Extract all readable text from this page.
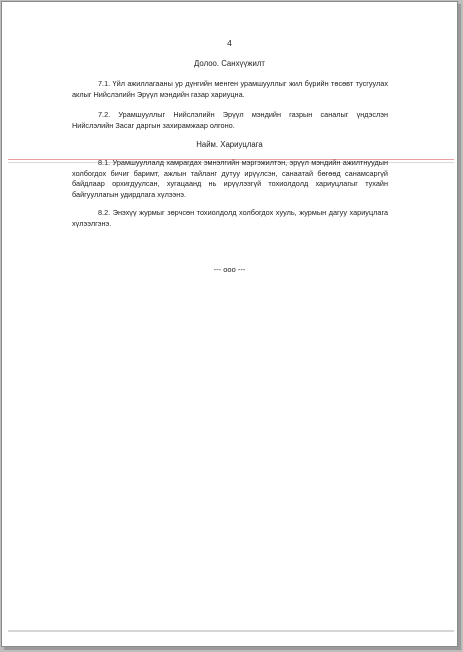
4
Долоо. Санхүүжилт
7.1. Үйл ажиллагааны ур дүнгийн менген урамшууллыг жил бүрийн төсөвт тусгуулах аклыг Нийслэлийн Эрүүл мэндийн газар хариуцна.
7.2. Урамшууллыг Нийслэлийн Эрүүл мэндийн газрын саналыг үндэслэн Нийслэлийн Засаг даргын захирамжаар олгоно.
Найм. Хариуцлага
8.1. Урамшууллалд хамрагдах эмнэлгийн мэргэжилтэн, эрүүл мэндийн ажилтнуудын холбогдох бичиг баримт, ажлын тайланг дутуу ирүүлсэн, санаатай бөгөөд санамсаргүй байдлаар орхигдуулсан, хугацаанд нь ирүүлээгүй тохиолдолд хариуцлагыг тухайн байгууллагын удирдлага хүлээнэ.
8.2. Энэхүү журмыг зөрчсөн тохиолдолд холбогдох хууль, журмын дагуу хариуцлага хүлээлгэнэ.
--- ооо ---
